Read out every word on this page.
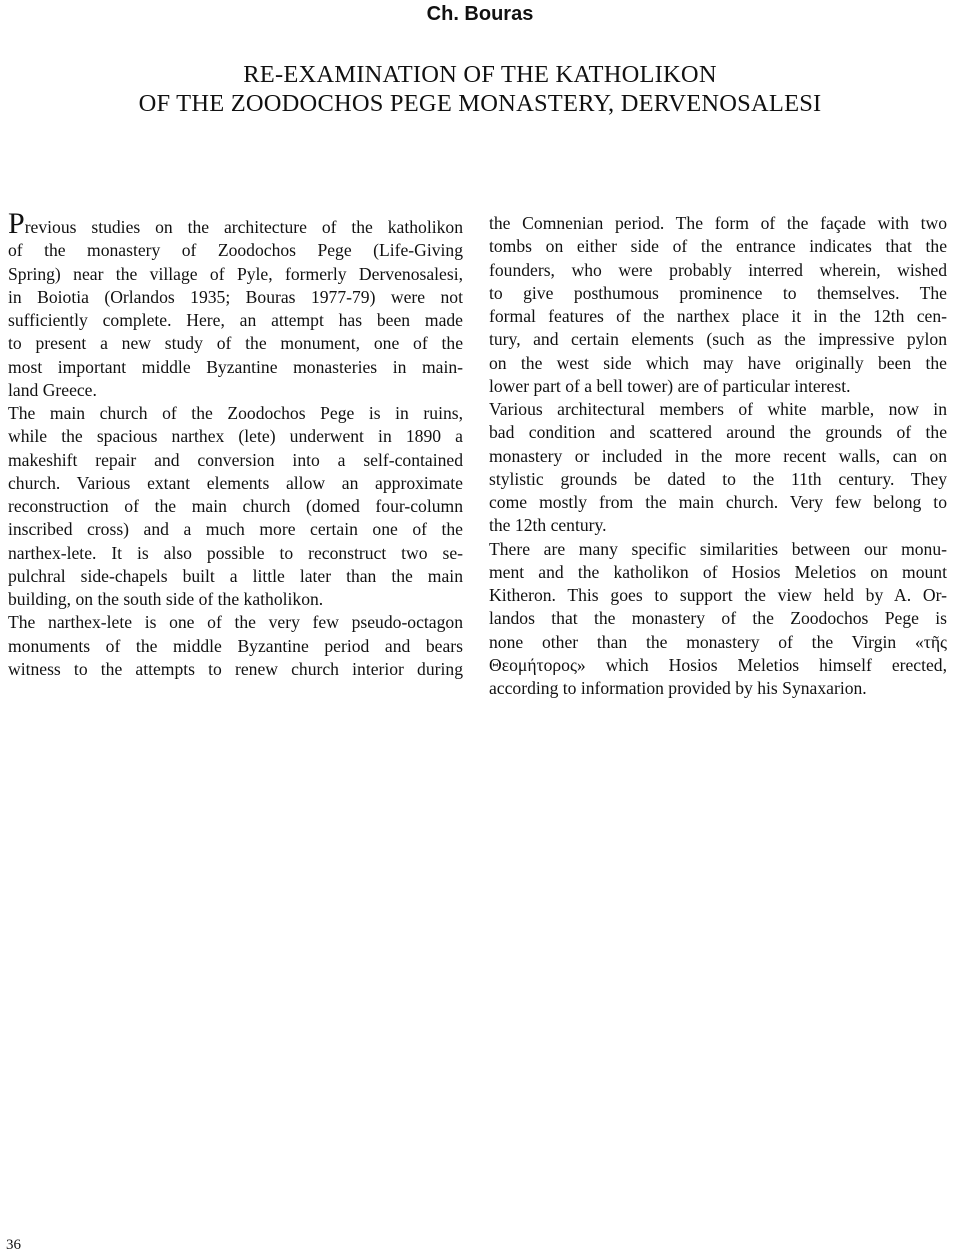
Ch. Bouras
RE-EXAMINATION OF THE KATHOLIKON
OF THE ZOODOCHOS PEGE MONASTERY, DERVENOSALESI

Previous studies on the architecture of the katholikon
of the monastery of Zoodochos Pege (Life-Giving
Spring) near the village of Pyle, formerly Dervenosalesi,
in Boiotia (Orlandos 1935; Bouras 1977-79) were not
sufficiently complete. Here, an attempt has been made
to present a new study of the monument, one of the
most important middle Byzantine monasteries in main-
land Greece.

The main church of the Zoodochos Pege is in ruins,
while the spacious narthex (lete) underwent in 1890 a
makeshift repair and conversion into a self-contained
church. Various extant elements allow an approximate
reconstruction of the main church (domed four-column
inscribed cross) and a much more certain one of the
narthex-lete. It is also possible to reconstruct two se-
pulchral side-chapels built a little later than the main
building, on the south side of the katholikon.

The narthex-lete is one of the very few pseudo-octagon
monuments of the middle Byzantine period and bears
witness to the attempts to renew church interior during

the Comnenian period. The form of the façade with two
tombs on either side of the entrance indicates that the
founders, who were probably interred wherein, wished
to give posthumous prominence to themselves. The
formal features of the narthex place it in the 12th cen-
tury, and certain elements (such as the impressive pylon
on the west side which may have originally been the
lower part of a bell tower) are of particular interest.

Various architectural members of white marble, now in
bad condition and scattered around the grounds of the
monastery or included in the more recent walls, can on
stylistic grounds be dated to the 11th century. They
come mostly from the main church. Very few belong to
the 12th century.

There are many specific similarities between our monu-
ment and the katholikon of Hosios Meletios on mount
Kitheron. This goes to support the view held by A. Or-
landos that the monastery of the Zoodochos Pege is
none other than the monastery of the Virgin «τῆς
Θεομήτορος» which Hosios Meletios himself erected,
according to information provided by his Synaxarion.

36
